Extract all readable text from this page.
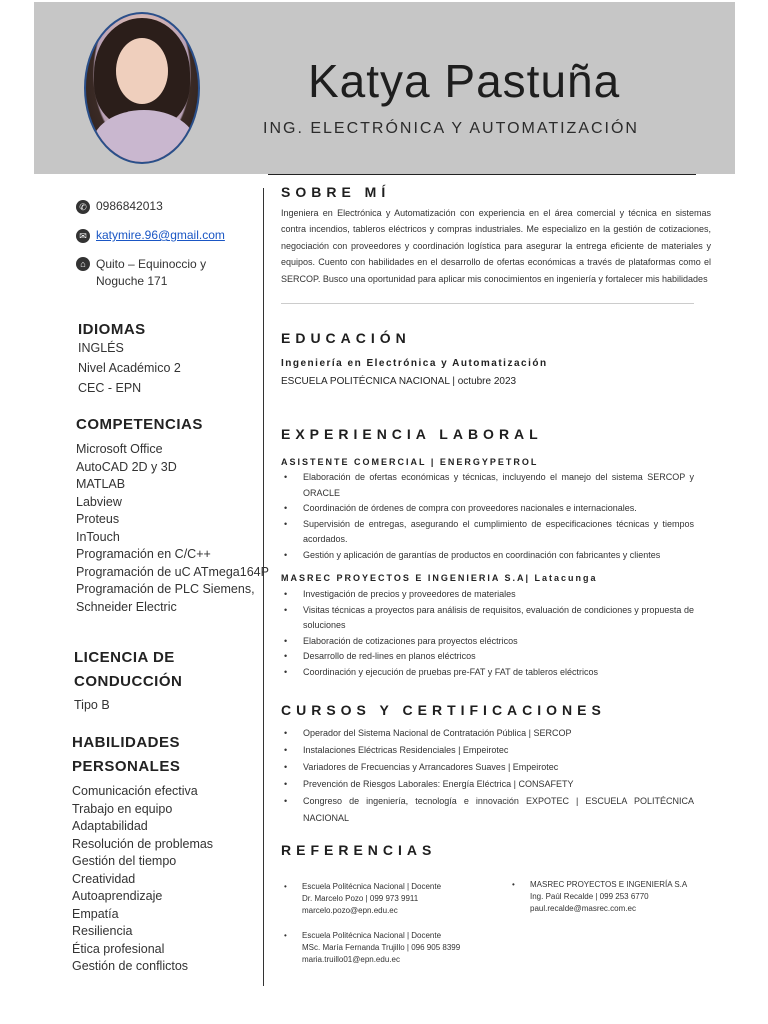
Katya Pastuña
ING. ELECTRÓNICA Y AUTOMATIZACIÓN
✆ 0986842013
✉ katymire.96@gmail.com
⌂ Quito – Equinoccio y
Noguche 171
IDIOMAS
INGLÉS
Nivel Académico 2
CEC - EPN
COMPETENCIAS
Microsoft Office
AutoCAD 2D y 3D
MATLAB
Labview
Proteus
InTouch
Programación en C/C++
Programación de uC ATmega164P
Programación de PLC Siemens,
Schneider Electric
LICENCIA DE
CONDUCCIÓN
Tipo B
HABILIDADES
PERSONALES
Comunicación efectiva
Trabajo en equipo
Adaptabilidad
Resolución de problemas
Gestión del tiempo
Creatividad
Autoaprendizaje
Empatía
Resiliencia
Ética profesional
Gestión de conflictos
SOBRE MÍ
Ingeniera en Electrónica y Automatización con experiencia en el área comercial y técnica en sistemas contra incendios, tableros eléctricos y compras industriales. Me especializo en la gestión de cotizaciones, negociación con proveedores y coordinación logística para asegurar la entrega eficiente de materiales y equipos. Cuento con habilidades en el desarrollo de ofertas económicas a través de plataformas como el SERCOP. Busco una oportunidad para aplicar mis conocimientos en ingeniería y fortalecer mis habilidades
EDUCACIÓN
Ingeniería en Electrónica y Automatización
ESCUELA POLITÉCNICA NACIONAL | octubre 2023
EXPERIENCIA LABORAL
ASISTENTE COMERCIAL | ENERGYPETROL
• Elaboración de ofertas económicas y técnicas, incluyendo el manejo del sistema SERCOP y ORACLE
• Coordinación de órdenes de compra con proveedores nacionales e internacionales.
• Supervisión de entregas, asegurando el cumplimiento de especificaciones técnicas y tiempos acordados.
• Gestión y aplicación de garantías de productos en coordinación con fabricantes y clientes
MASREC PROYECTOS E INGENIERIA S.A| Latacunga
• Investigación de precios y proveedores de materiales
• Visitas técnicas a proyectos para análisis de requisitos, evaluación de condiciones y propuesta de soluciones
• Elaboración de cotizaciones para proyectos eléctricos
• Desarrollo de red-lines en planos eléctricos
• Coordinación y ejecución de pruebas pre-FAT y FAT de tableros eléctricos
CURSOS Y CERTIFICACIONES
• Operador del Sistema Nacional de Contratación Pública | SERCOP
• Instalaciones Eléctricas Residenciales | Empeirotec
• Variadores de Frecuencias y Arrancadores Suaves | Empeirotec
• Prevención de Riesgos Laborales: Energía Eléctrica | CONSAFETY
• Congreso de ingeniería, tecnología e innovación EXPOTEC | ESCUELA POLITÉCNICA NACIONAL
REFERENCIAS
• Escuela Politécnica Nacional | Docente
Dr. Marcelo Pozo | 099 973 9911
marcelo.pozo@epn.edu.ec
• MASREC PROYECTOS E INGENIERÍA S.A
Ing. Paúl Recalde | 099 253 6770
paul.recalde@masrec.com.ec
• Escuela Politécnica Nacional | Docente
MSc. María Fernanda Trujillo | 096 905 8399
maria.truillo01@epn.edu.ec
